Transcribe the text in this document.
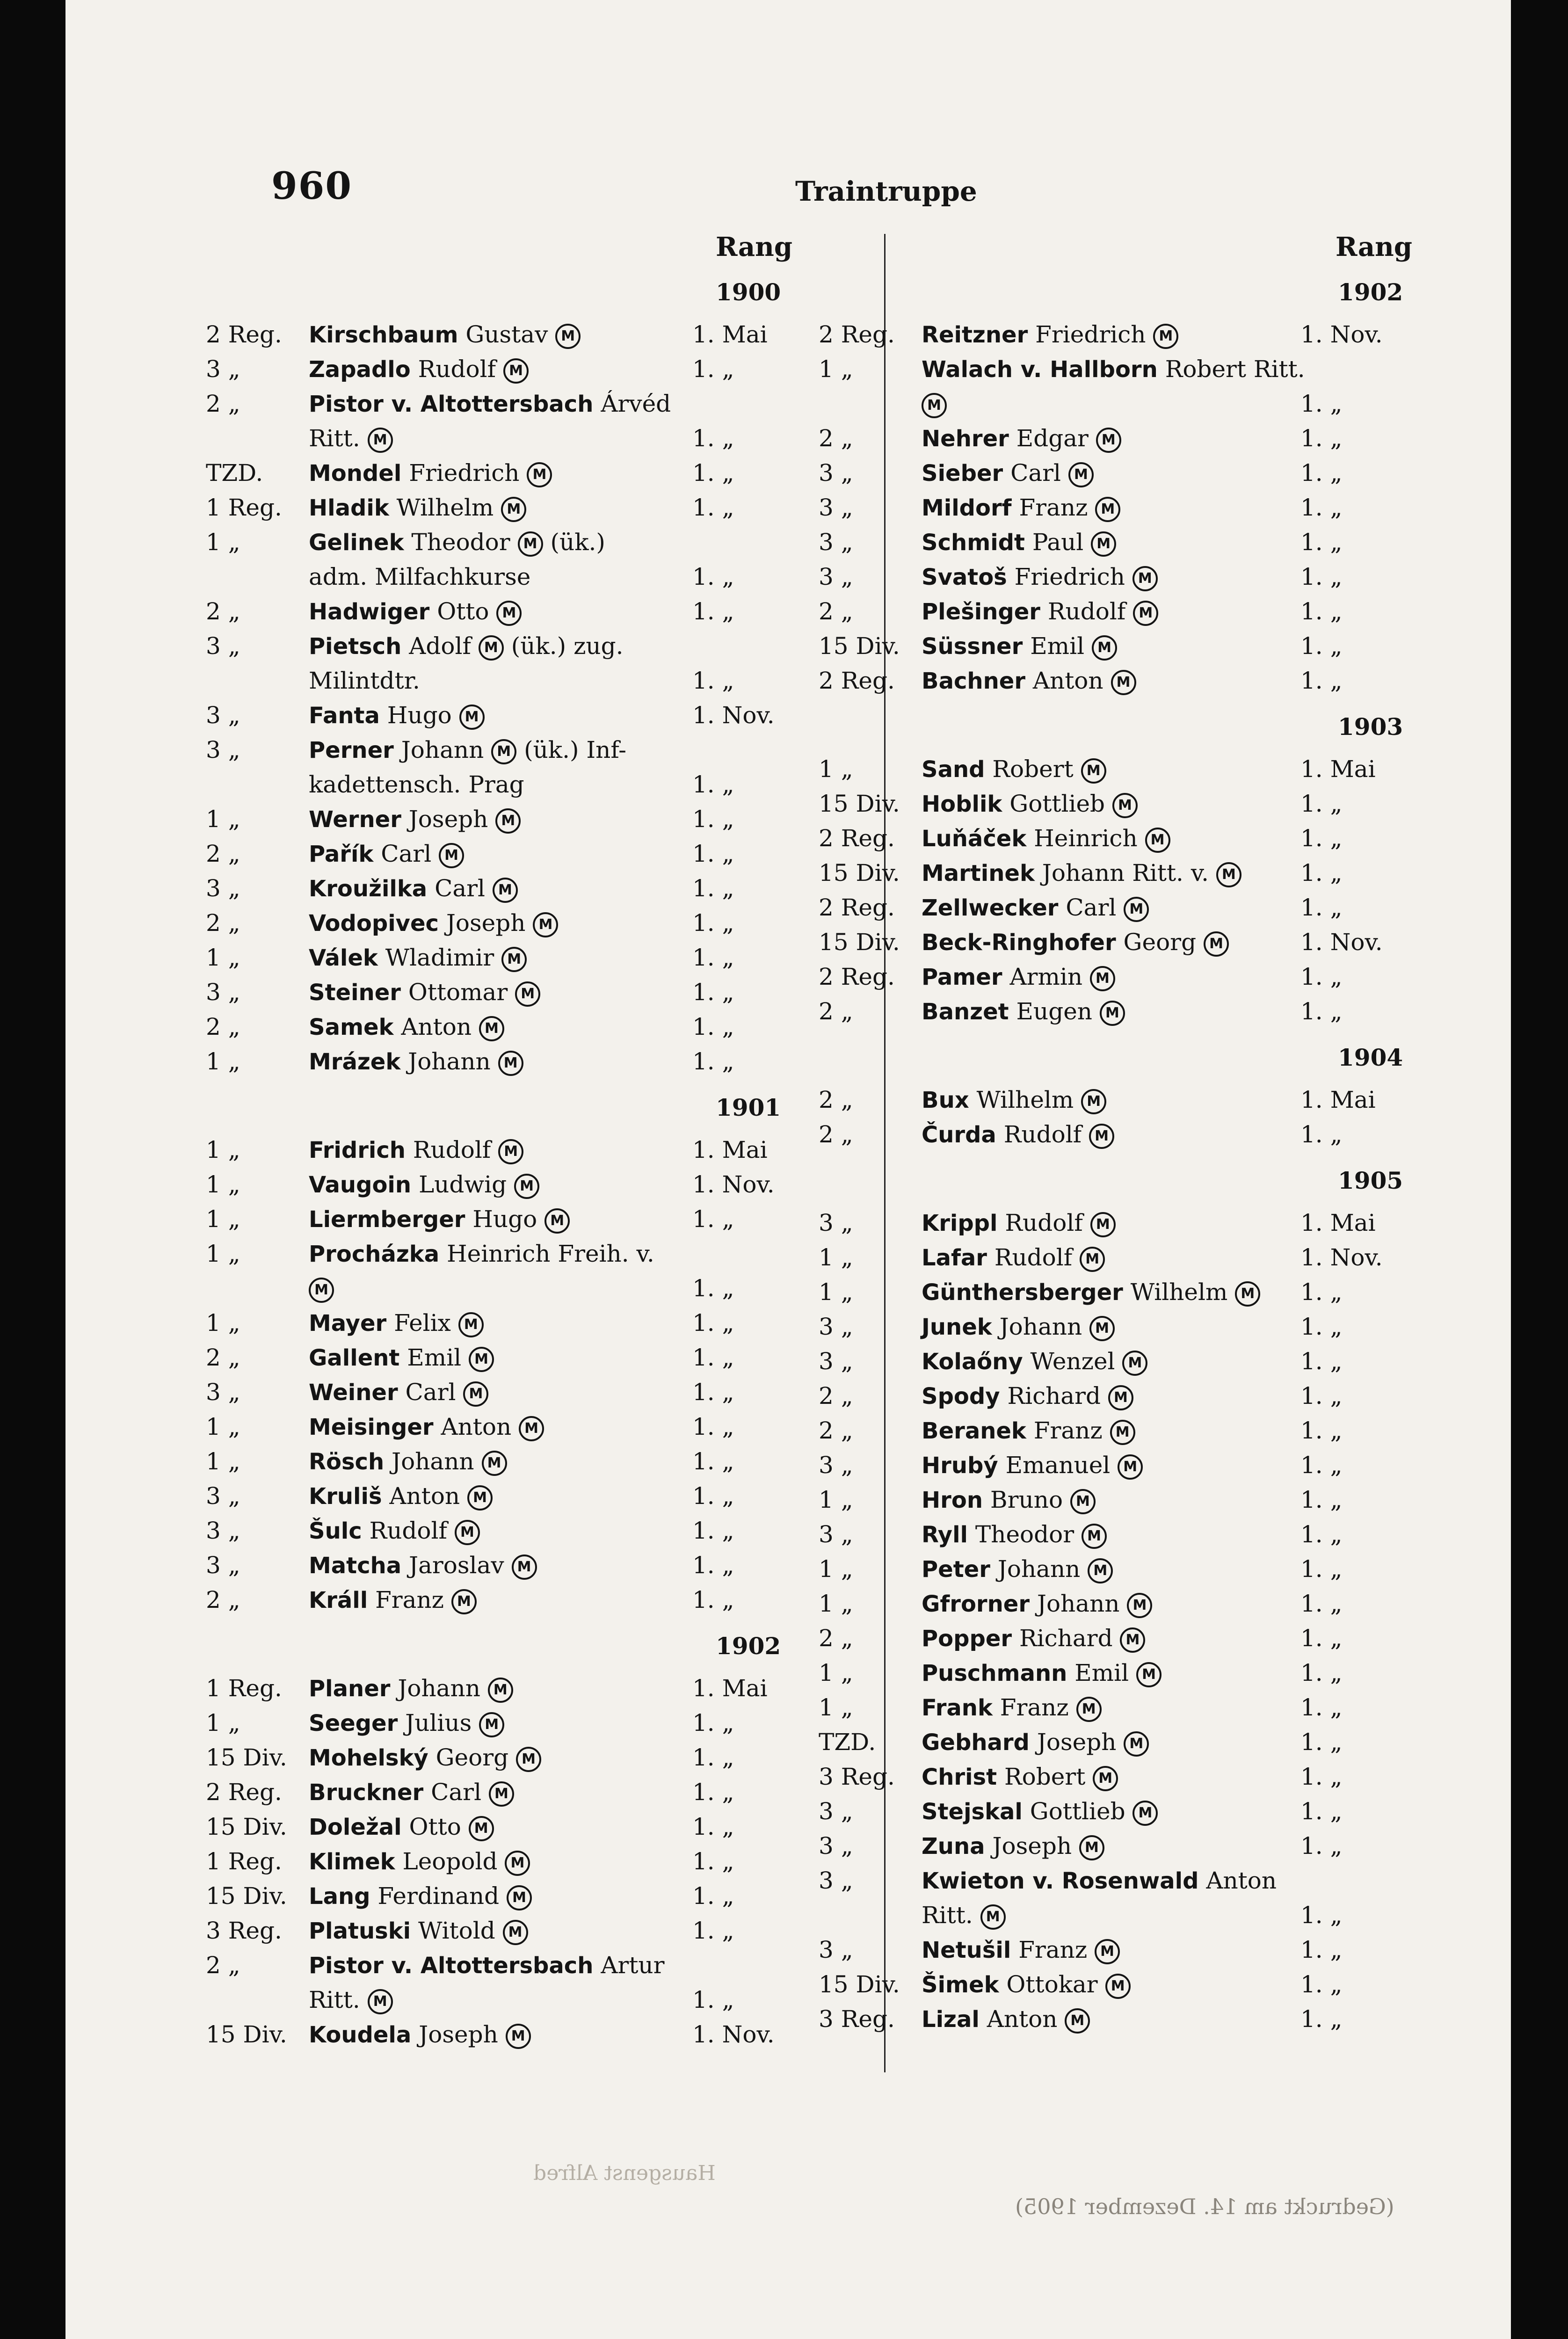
960	Traintruppe
Rang	Rang
1900
2 Reg. Kirschbaum Gustav M	1. Mai
3 „	Zapadlo Rudolf M	1. „
2 „	Pistor v. Altottersbach Árvéd
Ritt. M	1. „
TZD. Mondel Friedrich M	1. „
1 Reg. Hladik Wilhelm M	1. „
1 „	Gelinek Theodor M (ük.)
adm. Milfachkurse	1. „
2 „	Hadwiger Otto M	1. „
3 „	Pietsch Adolf M (ük.) zug.
Milintdtr.	1. „
3 „	Fanta Hugo M	1. Nov.
3 „	Perner Johann M (ük.) Inf-
kadettensch. Prag	1. „
1 „	Werner Joseph M	1. „
2 „	Pařík Carl M	1. „
3 „	Kroužilka Carl M	1. „
2 „	Vodopivec Joseph M	1. „
1 „	Válek Wladimir M	1. „
3 „	Steiner Ottomar M	1. „
2 „	Samek Anton M	1. „
1 „	Mrázek Johann M	1. „
1901
1 „	Fridrich Rudolf M	1. Mai
1 „	Vaugoin Ludwig M	1. Nov.
1 „	Liermberger Hugo M	1. „
1 „	Procházka Heinrich Freih. v.
M	1. „
1 „	Mayer Felix M	1. „
2 „	Gallent Emil M	1. „
3 „	Weiner Carl M	1. „
1 „	Meisinger Anton M	1. „
1 „	Rösch Johann M	1. „
3 „	Kruliš Anton M	1. „
3 „	Šulc Rudolf M	1. „
3 „	Matcha Jaroslav M	1. „
2 „	Králl Franz M	1. „
1902
1 Reg. Planer Johann M	1. Mai
1 „	Seeger Julius M	1. „
15 Div. Mohelský Georg M	1. „
2 Reg. Bruckner Carl M	1. „
15 Div. Doležal Otto M	1. „
1 Reg. Klimek Leopold M	1. „
15 Div. Lang Ferdinand M	1. „
3 Reg. Platuski Witold M	1. „
2 „	Pistor v. Altottersbach Artur
Ritt. M	1. „
15 Div. Koudela Joseph M	1. Nov.
1902
2 Reg. Reitzner Friedrich M	1. Nov.
1 „	Walach v. Hallborn Robert Ritt.
M	1. „
2 „	Nehrer Edgar M	1. „
3 „	Sieber Carl M	1. „
3 „	Mildorf Franz M	1. „
3 „	Schmidt Paul M	1. „
3 „	Svatoš Friedrich M	1. „
2 „	Plešinger Rudolf M	1. „
15 Div. Süssner Emil M	1. „
2 Reg. Bachner Anton M	1. „
1903
1 „	Sand Robert M	1. Mai
15 Div. Hoblik Gottlieb M	1. „
2 Reg. Luňáček Heinrich M	1. „
15 Div. Martinek Johann Ritt. v. M	1. „
2 Reg. Zellwecker Carl M	1. „
15 Div. Beck-Ringhofer Georg M	1. Nov.
2 Reg. Pamer Armin M	1. „
2 „	Banzet Eugen M	1. „
1904
2 „	Bux Wilhelm M	1. Mai
2 „	Čurda Rudolf M	1. „
1905
3 „	Krippl Rudolf M	1. Mai
1 „	Lafar Rudolf M	1. Nov.
1 „	Günthersberger Wilhelm M 1. „
3 „	Junek Johann M	1. „
3 „	Kolaőny Wenzel M	1. „
2 „	Spody Richard M	1. „
2 „	Beranek Franz M	1. „
3 „	Hrubý Emanuel M	1. „
1 „	Hron Bruno M	1. „
3 „	Ryll Theodor M	1. „
1 „	Peter Johann M	1. „
1 „	Gfrorner Johann M	1. „
2 „	Popper Richard M	1. „
1 „	Puschmann Emil M	1. „
1 „	Frank Franz M	1. „
TZD. Gebhard Joseph M	1. „
3 Reg. Christ Robert M	1. „
3 „	Stejskal Gottlieb M	1. „
3 „	Zuna Joseph M	1. „
3 „	Kwieton v. Rosenwald Anton
Ritt. M	1. „
3 „	Netušil Franz M	1. „
15 Div. Šimek Ottokar M	1. „
3 Reg. Lizal Anton M	1. „
Hausgenst Alfred
(Gedruckt am 14. Dezember 1905)
